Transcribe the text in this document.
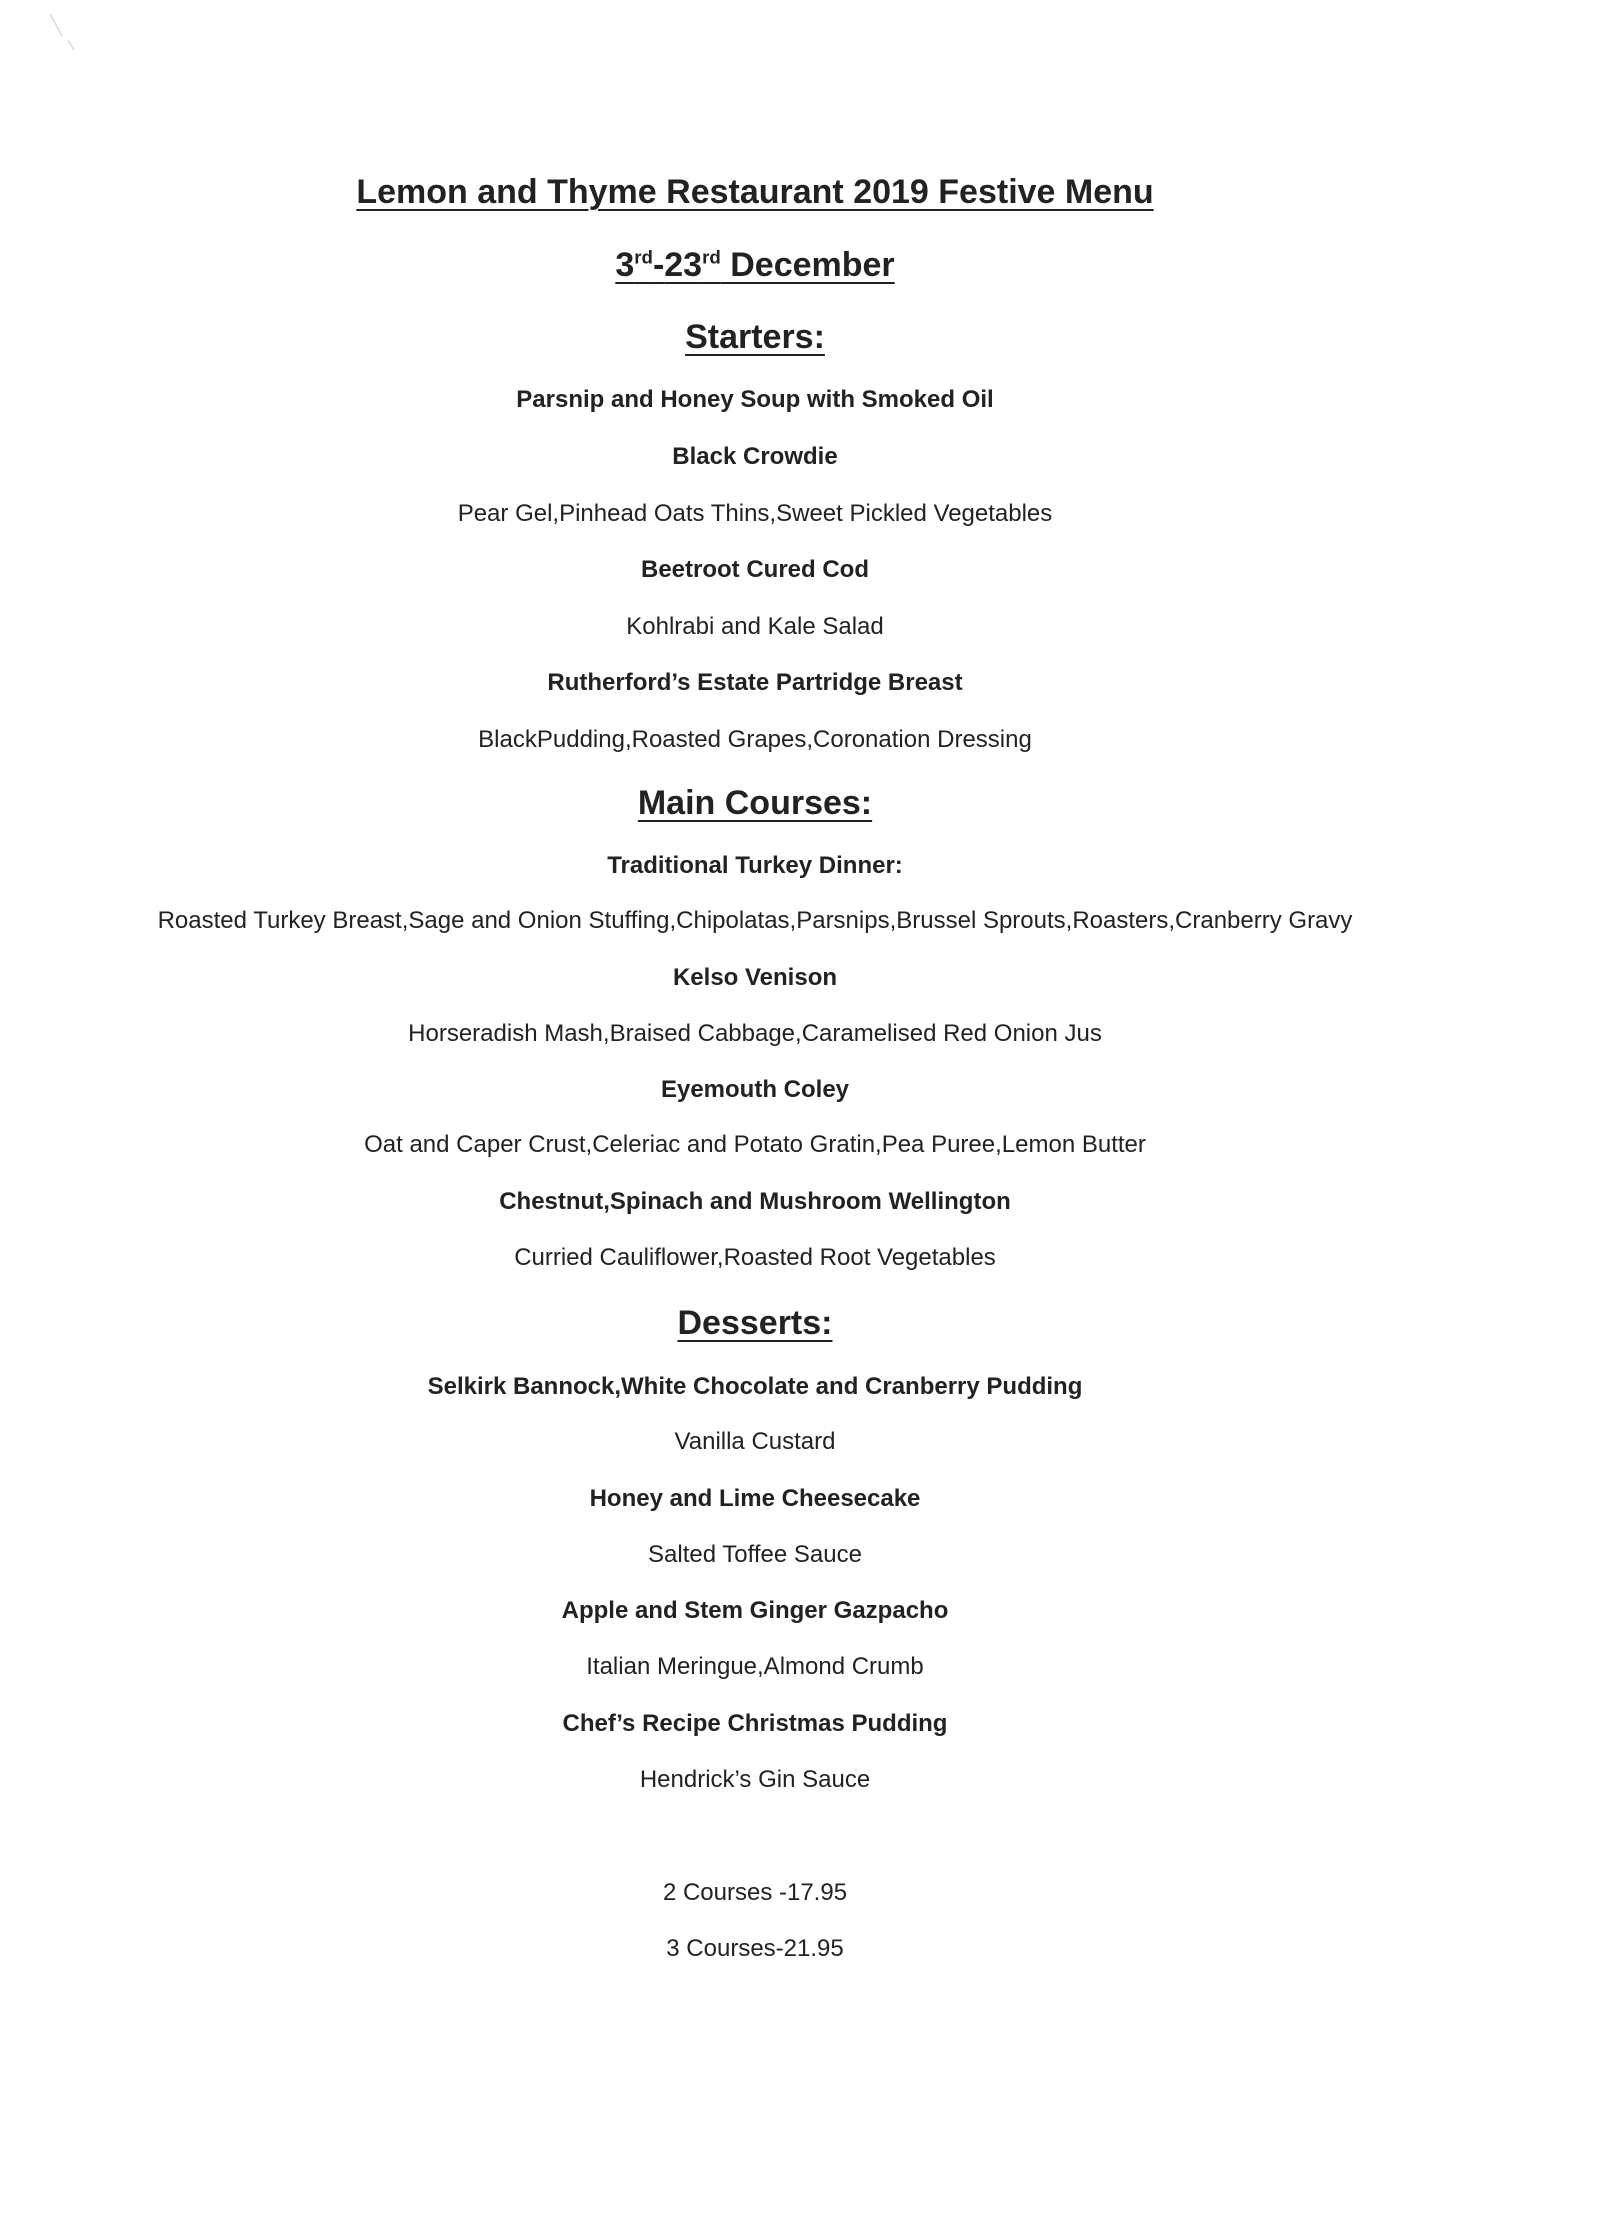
Lemon and Thyme Restaurant 2019 Festive Menu
3rd-23rd December
Starters:
Parsnip and Honey Soup with Smoked Oil
Black Crowdie
Pear Gel,Pinhead Oats Thins,Sweet Pickled Vegetables
Beetroot Cured Cod
Kohlrabi and Kale Salad
Rutherford’s Estate Partridge Breast
BlackPudding,Roasted Grapes,Coronation Dressing
Main Courses:
Traditional Turkey Dinner:
Roasted Turkey Breast,Sage and Onion Stuffing,Chipolatas,Parsnips,Brussel Sprouts,Roasters,Cranberry Gravy
Kelso Venison
Horseradish Mash,Braised Cabbage,Caramelised Red Onion Jus
Eyemouth Coley
Oat and Caper Crust,Celeriac and Potato Gratin,Pea Puree,Lemon Butter
Chestnut,Spinach and Mushroom Wellington
Curried Cauliflower,Roasted Root Vegetables
Desserts:
Selkirk Bannock,White Chocolate and Cranberry Pudding
Vanilla Custard
Honey and Lime Cheesecake
Salted Toffee Sauce
Apple and Stem Ginger Gazpacho
Italian Meringue,Almond Crumb
Chef’s Recipe Christmas Pudding
Hendrick’s Gin Sauce
2 Courses -17.95
3 Courses-21.95
